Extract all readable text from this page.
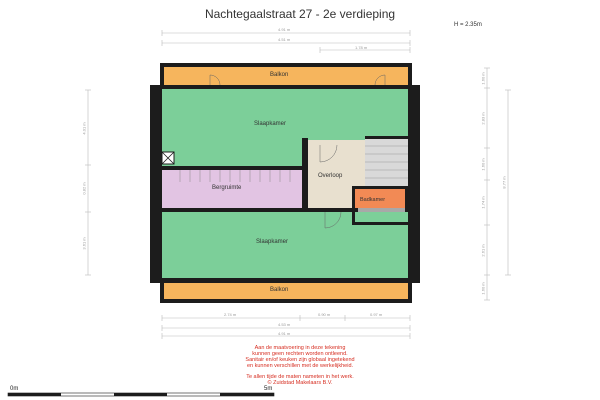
Nachtegaalstraat 27 - 2e verdieping
H = 2.35m
Balkon
Slaapkamer
Bergruimte
Overloop
Badkamer
Slaapkamer
Balkon
4.91 m
4.51 m
1.78 m
2.74 m	0.90 m	0.97 m
4.53 m
4.91 m
4.01 m
0.82 m
3.61 m
1.60 m
2.83 m
1.60 m
1.74 m
2.61 m
1.60 m
8.77 m
Aan de maatvoering in deze tekening
kunnen geen rechten worden ontleend.
Sanitair en/of keuken zijn globaal ingetekend
en kunnen verschillen met de werkelijkheid.
Te allen tijde de maten nameten in het werk.
© Zuidstad Makelaars B.V.
0m	5m
